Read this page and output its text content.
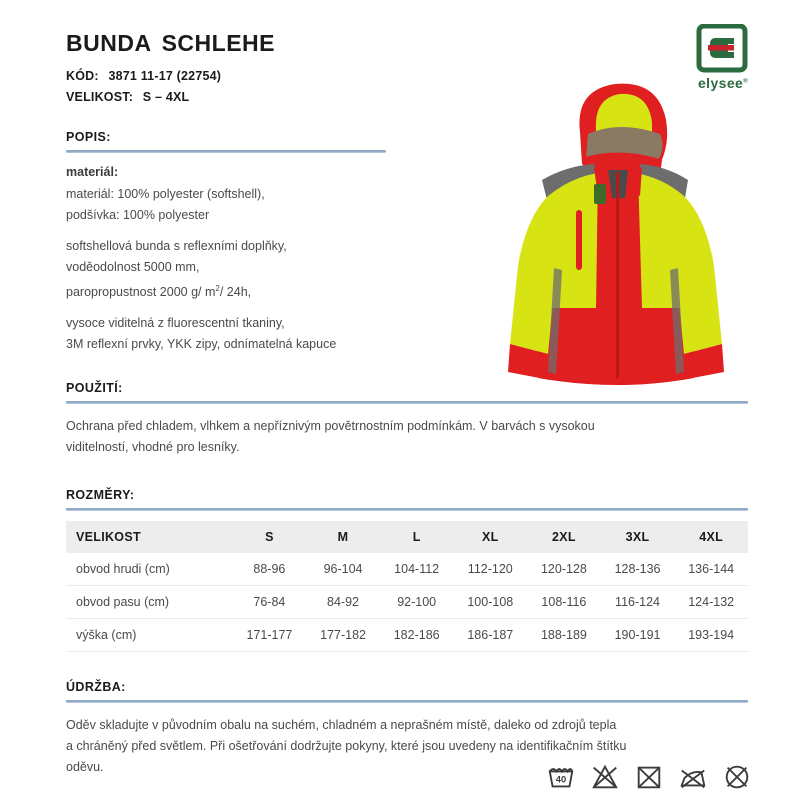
elysee®
BUNDA SCHLEHE
KÓD: 3871 11-17 (22754)
VELIKOST: S – 4XL
POPIS:
materiál:
materiál: 100% polyester (softshell),
podšívka: 100% polyester
softshellová bunda s reflexními doplňky,
voděodolnost 5000 mm,
paropropustnost 2000 g/ $m^2/$ 24h,
vysoce viditelná z fluorescentní tkaniny,
3M reflexní prvky, YKK zipy, odnímatelná kapuce
POUŽITÍ:
Ochrana před chladem, vlhkem a nepříznivým povětrnostním podmínkám. V barvách s vysokou
viditelností, vhodné pro lesníky.
ROZMĚRY:
VELIKOST	S	M	L	XL	2XL	3XL	4XL
obvod hrudi (cm)	88-96	96-104	104-112	112-120	120-128	128-136	136-144
obvod pasu (cm)	76-84	84-92	92-100	100-108	108-116	116-124	124-132
výška (cm)	171-177	177-182	182-186	186-187	188-189	190-191	193-194
ÚDRŽBA:
Oděv skladujte v původním obalu na suchém, chladném a neprašném místě, daleko od zdrojů tepla
a chráněný před světlem. Při ošetřování dodržujte pokyny, které jsou uvedeny na identifikačním štítku
oděvu.
40
